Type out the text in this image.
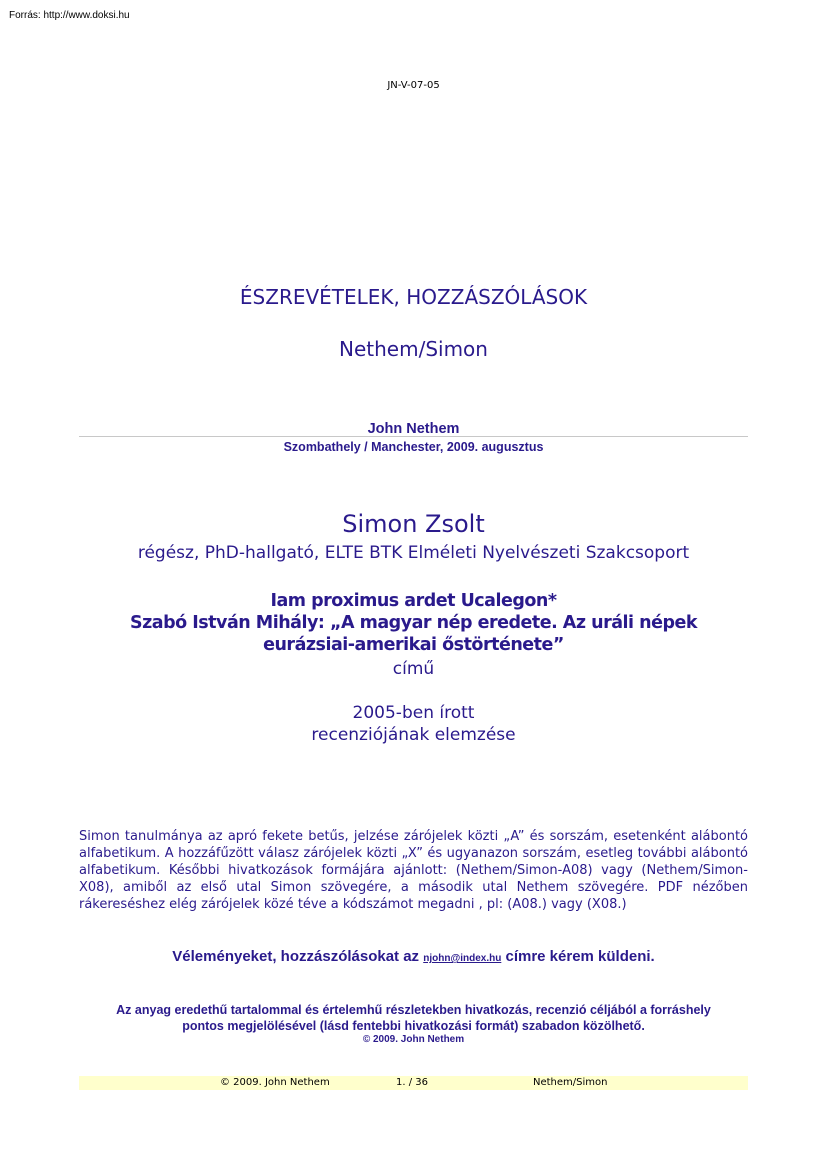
Forrás: http://www.doksi.hu
JN-V-07-05
ÉSZREVÉTELEK, HOZZÁSZÓLÁSOK
Nethem/Simon
John Nethem
Szombathely / Manchester, 2009. augusztus
Simon Zsolt
régész, PhD-hallgató, ELTE BTK Elméleti Nyelvészeti Szakcsoport
Iam proximus ardet Ucalegon*
Szabó István Mihály: „A magyar nép eredete. Az uráli népek
eurázsiai-amerikai őstörténete”
című
2005-ben írott
recenziójának elemzése
Simon tanulmánya az apró fekete betűs, jelzése zárójelek közti „A” és sorszám, esetenként alábontó alfabetikum. A hozzáfűzött válasz zárójelek közti „X” és ugyanazon sorszám, esetleg további alábontó alfabetikum. Későbbi hivatkozások formájára ajánlott: (Nethem/Simon-A08) vagy (Nethem/Simon-X08), amiből az első utal Simon szövegére, a második utal Nethem szövegére. PDF nézőben rákereséshez elég zárójelek közé téve a kódszámot megadni , pl: (A08.) vagy (X08.)
Véleményeket, hozzászólásokat az njohn@index.hu címre kérem küldeni.
Az anyag eredethű tartalommal és értelemhű részletekben hivatkozás, recenzió céljából a forráshely
pontos megjelölésével (lásd fentebbi hivatkozási formát) szabadon közölhető.
© 2009. John Nethem
© 2009. John Nethem	1. / 36	Nethem/Simon
